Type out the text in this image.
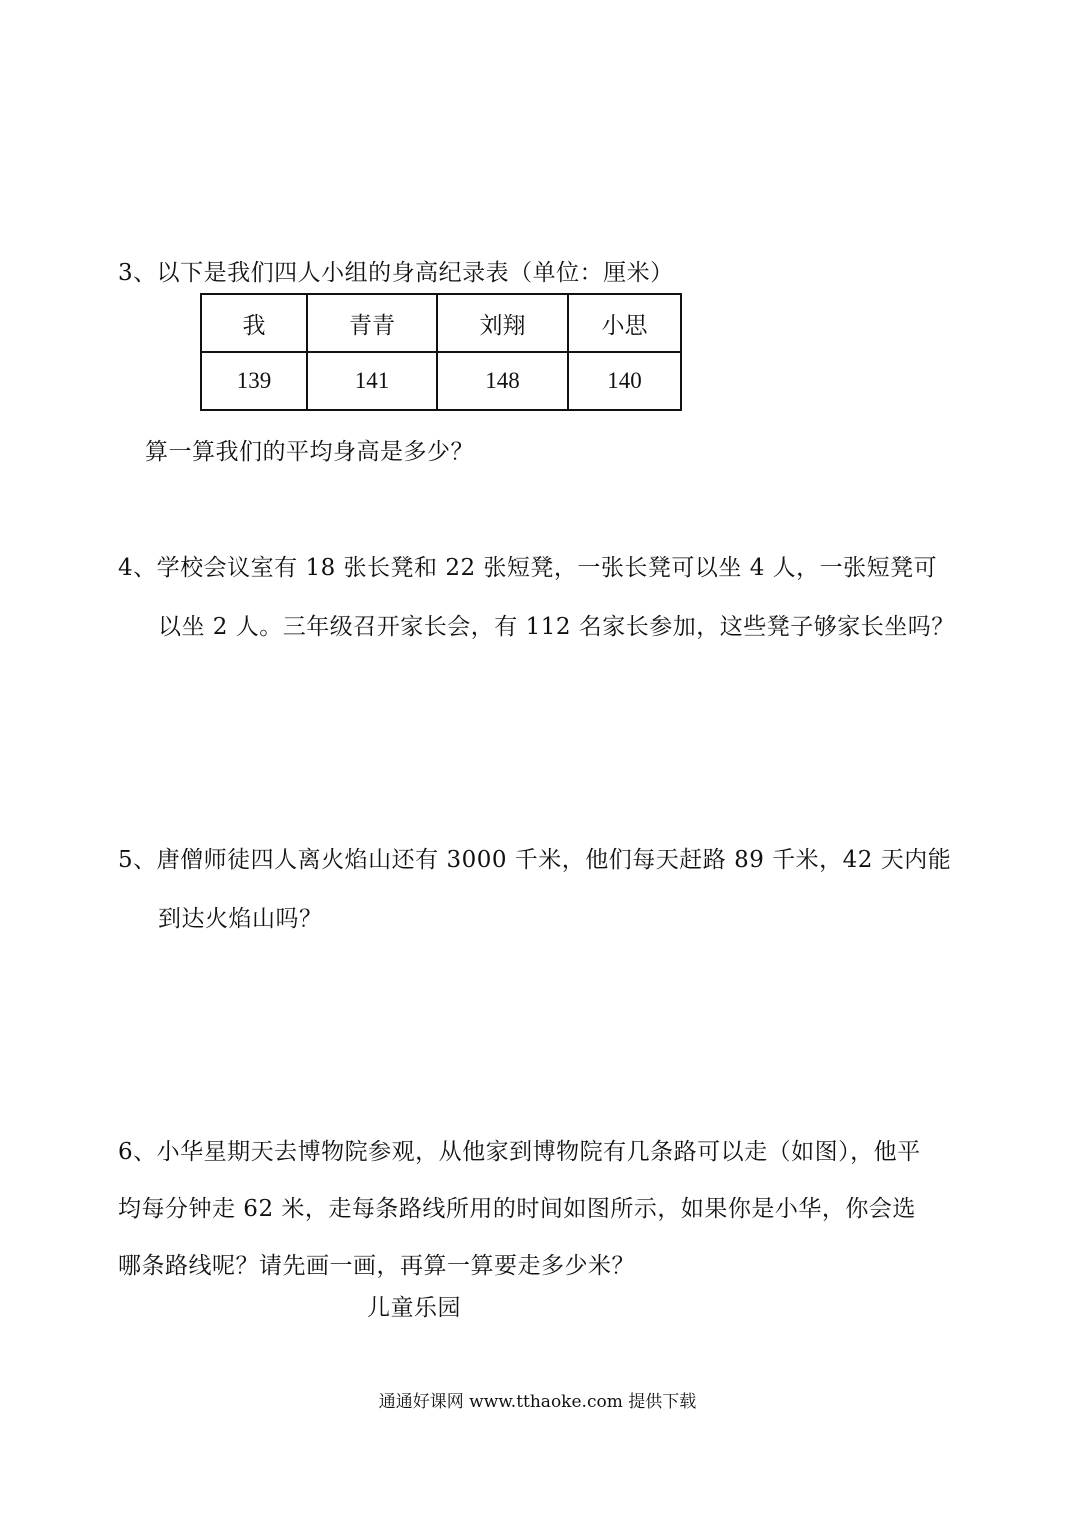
3、以下是我们四人小组的身高纪录表（单位：厘米）
我	青青	刘翔	小思
139	141	148	140
算一算我们的平均身高是多少？
4、学校会议室有 18 张长凳和 22 张短凳，一张长凳可以坐 4 人，一张短凳可
以坐 2 人。三年级召开家长会，有 112 名家长参加，这些凳子够家长坐吗？
5、唐僧师徒四人离火焰山还有 3000 千米，他们每天赶路 89 千米，42 天内能
到达火焰山吗？
6、小华星期天去博物院参观，从他家到博物院有几条路可以走（如图），他平
均每分钟走 62 米，走每条路线所用的时间如图所示，如果你是小华，你会选
哪条路线呢？请先画一画，再算一算要走多少米？
儿童乐园
通通好课网 www.tthaoke.com 提供下载
